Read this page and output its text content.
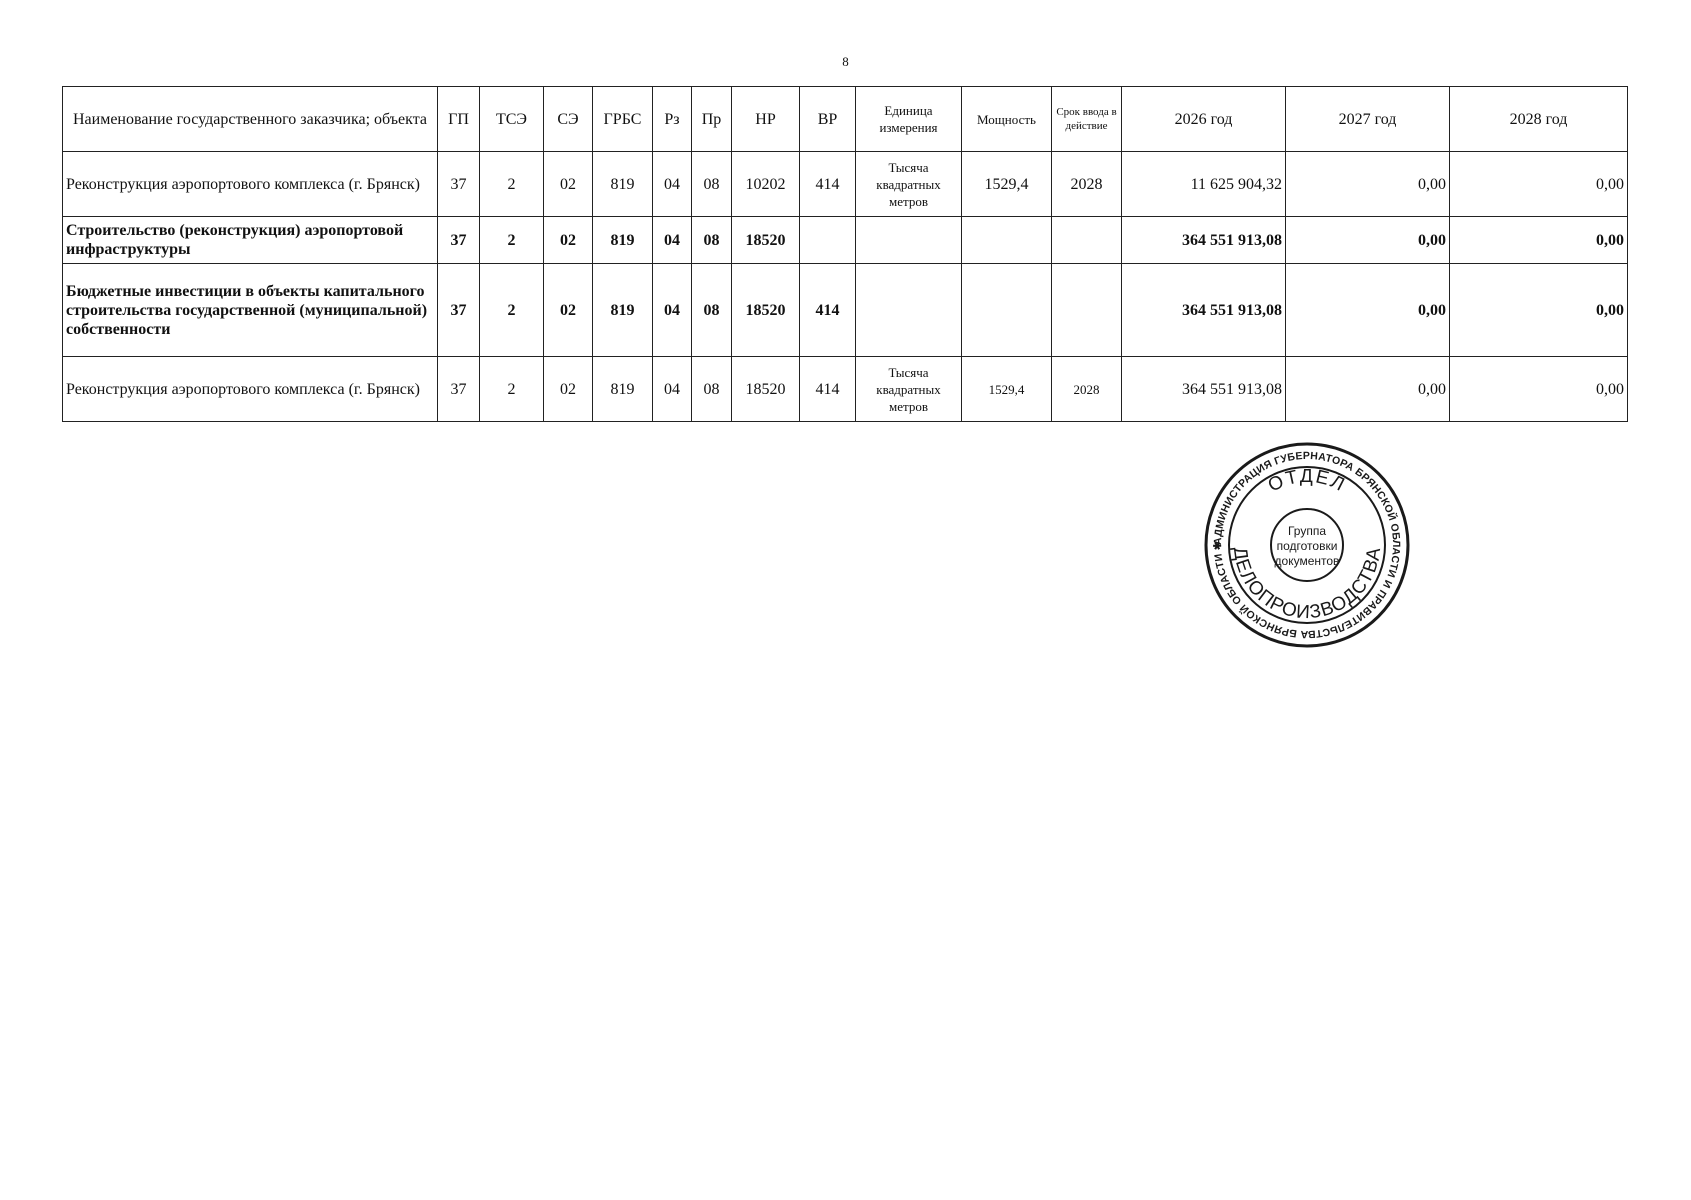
8
Наименование государственного заказчика; объекта	ГП	ТСЭ	СЭ	ГРБС	Рз	Пр	НР	ВР	Единица измерения	Мощность	Срок ввода в действие	2026 год	2027 год	2028 год
Реконструкция аэропортового комплекса (г. Брянск)	37	2	02	819	04	08	10202	414	Тысяча квадратных метров	1529,4	2028	11 625 904,32	0,00	0,00
Строительство (реконструкция) аэропортовой инфраструктуры	37	2	02	819	04	08	18520					364 551 913,08	0,00	0,00
Бюджетные инвестиции в объекты капитального строительства государственной (муниципальной) собственности	37	2	02	819	04	08	18520	414				364 551 913,08	0,00	0,00
Реконструкция аэропортового комплекса (г. Брянск)	37	2	02	819	04	08	18520	414	Тысяча квадратных метров	1529,4	2028	364 551 913,08	0,00	0,00
АДМИНИСТРАЦИЯ ГУБЕРНАТОРА БРЯНСКОЙ ОБЛАСТИ И ПРАВИТЕЛЬСТВА БРЯНСКОЙ ОБЛАСТИ ✱
ОТДЕЛ
ДЕЛОПРОИЗВОДСТВА
Группа
подготовки
документов
